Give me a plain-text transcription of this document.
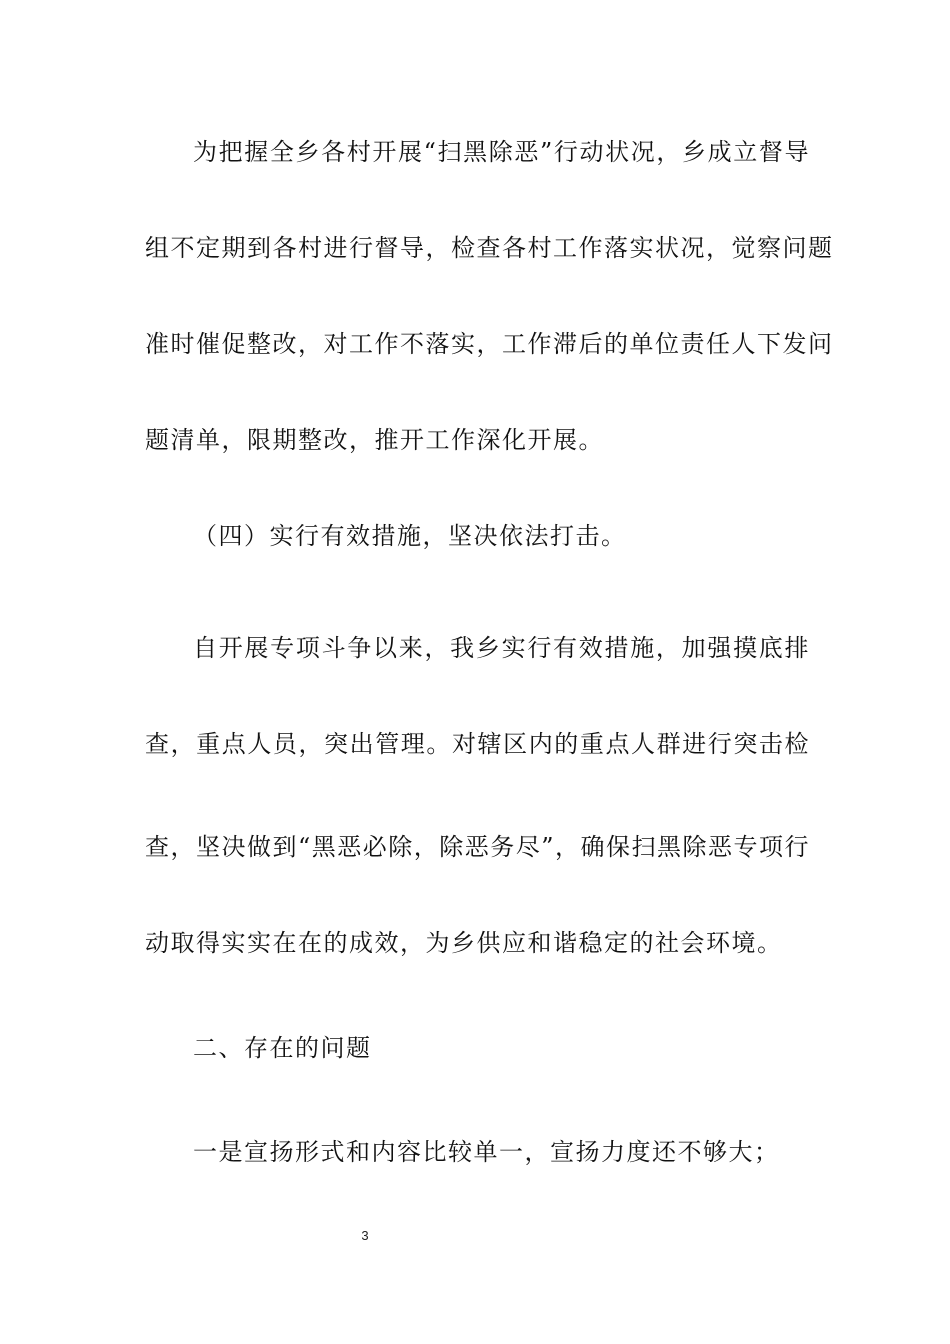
为把握全乡各村开展“扫黑除恶”行动状况，乡成立督导
组不定期到各村进行督导，检查各村工作落实状况，觉察问题
准时催促整改，对工作不落实，工作滞后的单位责任人下发问
题清单，限期整改，推开工作深化开展。
（四）实行有效措施，坚决依法打击。
自开展专项斗争以来，我乡实行有效措施，加强摸底排
查，重点人员，突出管理。对辖区内的重点人群进行突击检
查，坚决做到“黑恶必除，除恶务尽”，确保扫黑除恶专项行
动取得实实在在的成效，为乡供应和谐稳定的社会环境。
二、存在的问题
一是宣扬形式和内容比较单一，宣扬力度还不够大；
3
